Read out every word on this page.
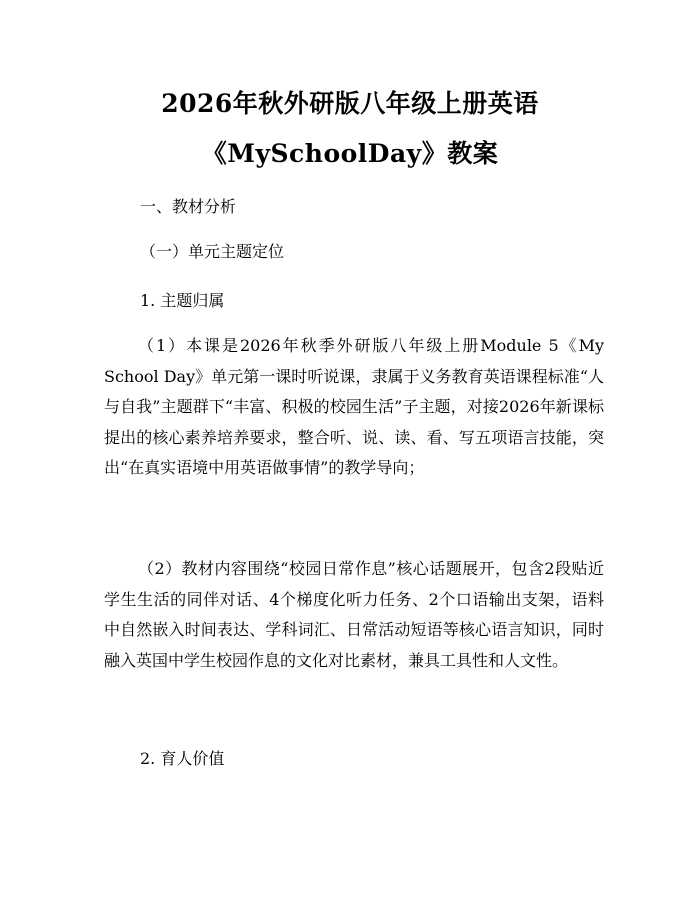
2026年秋外研版八年级上册英语
《MySchoolDay》教案
一、教材分析
（一）单元主题定位
1. 主题归属
（1）本课是2026年秋季外研版八年级上册Module 5《My School Day》单元第一课时听说课，隶属于义务教育英语课程标准“人与自我”主题群下“丰富、积极的校园生活”子主题，对接2026年新课标提出的核心素养培养要求，整合听、说、读、看、写五项语言技能，突出“在真实语境中用英语做事情”的教学导向；
（2）教材内容围绕“校园日常作息”核心话题展开，包含2段贴近学生生活的同伴对话、4个梯度化听力任务、2个口语输出支架，语料中自然嵌入时间表达、学科词汇、日常活动短语等核心语言知识，同时融入英国中学生校园作息的文化对比素材，兼具工具性和人文性。
2. 育人价值
